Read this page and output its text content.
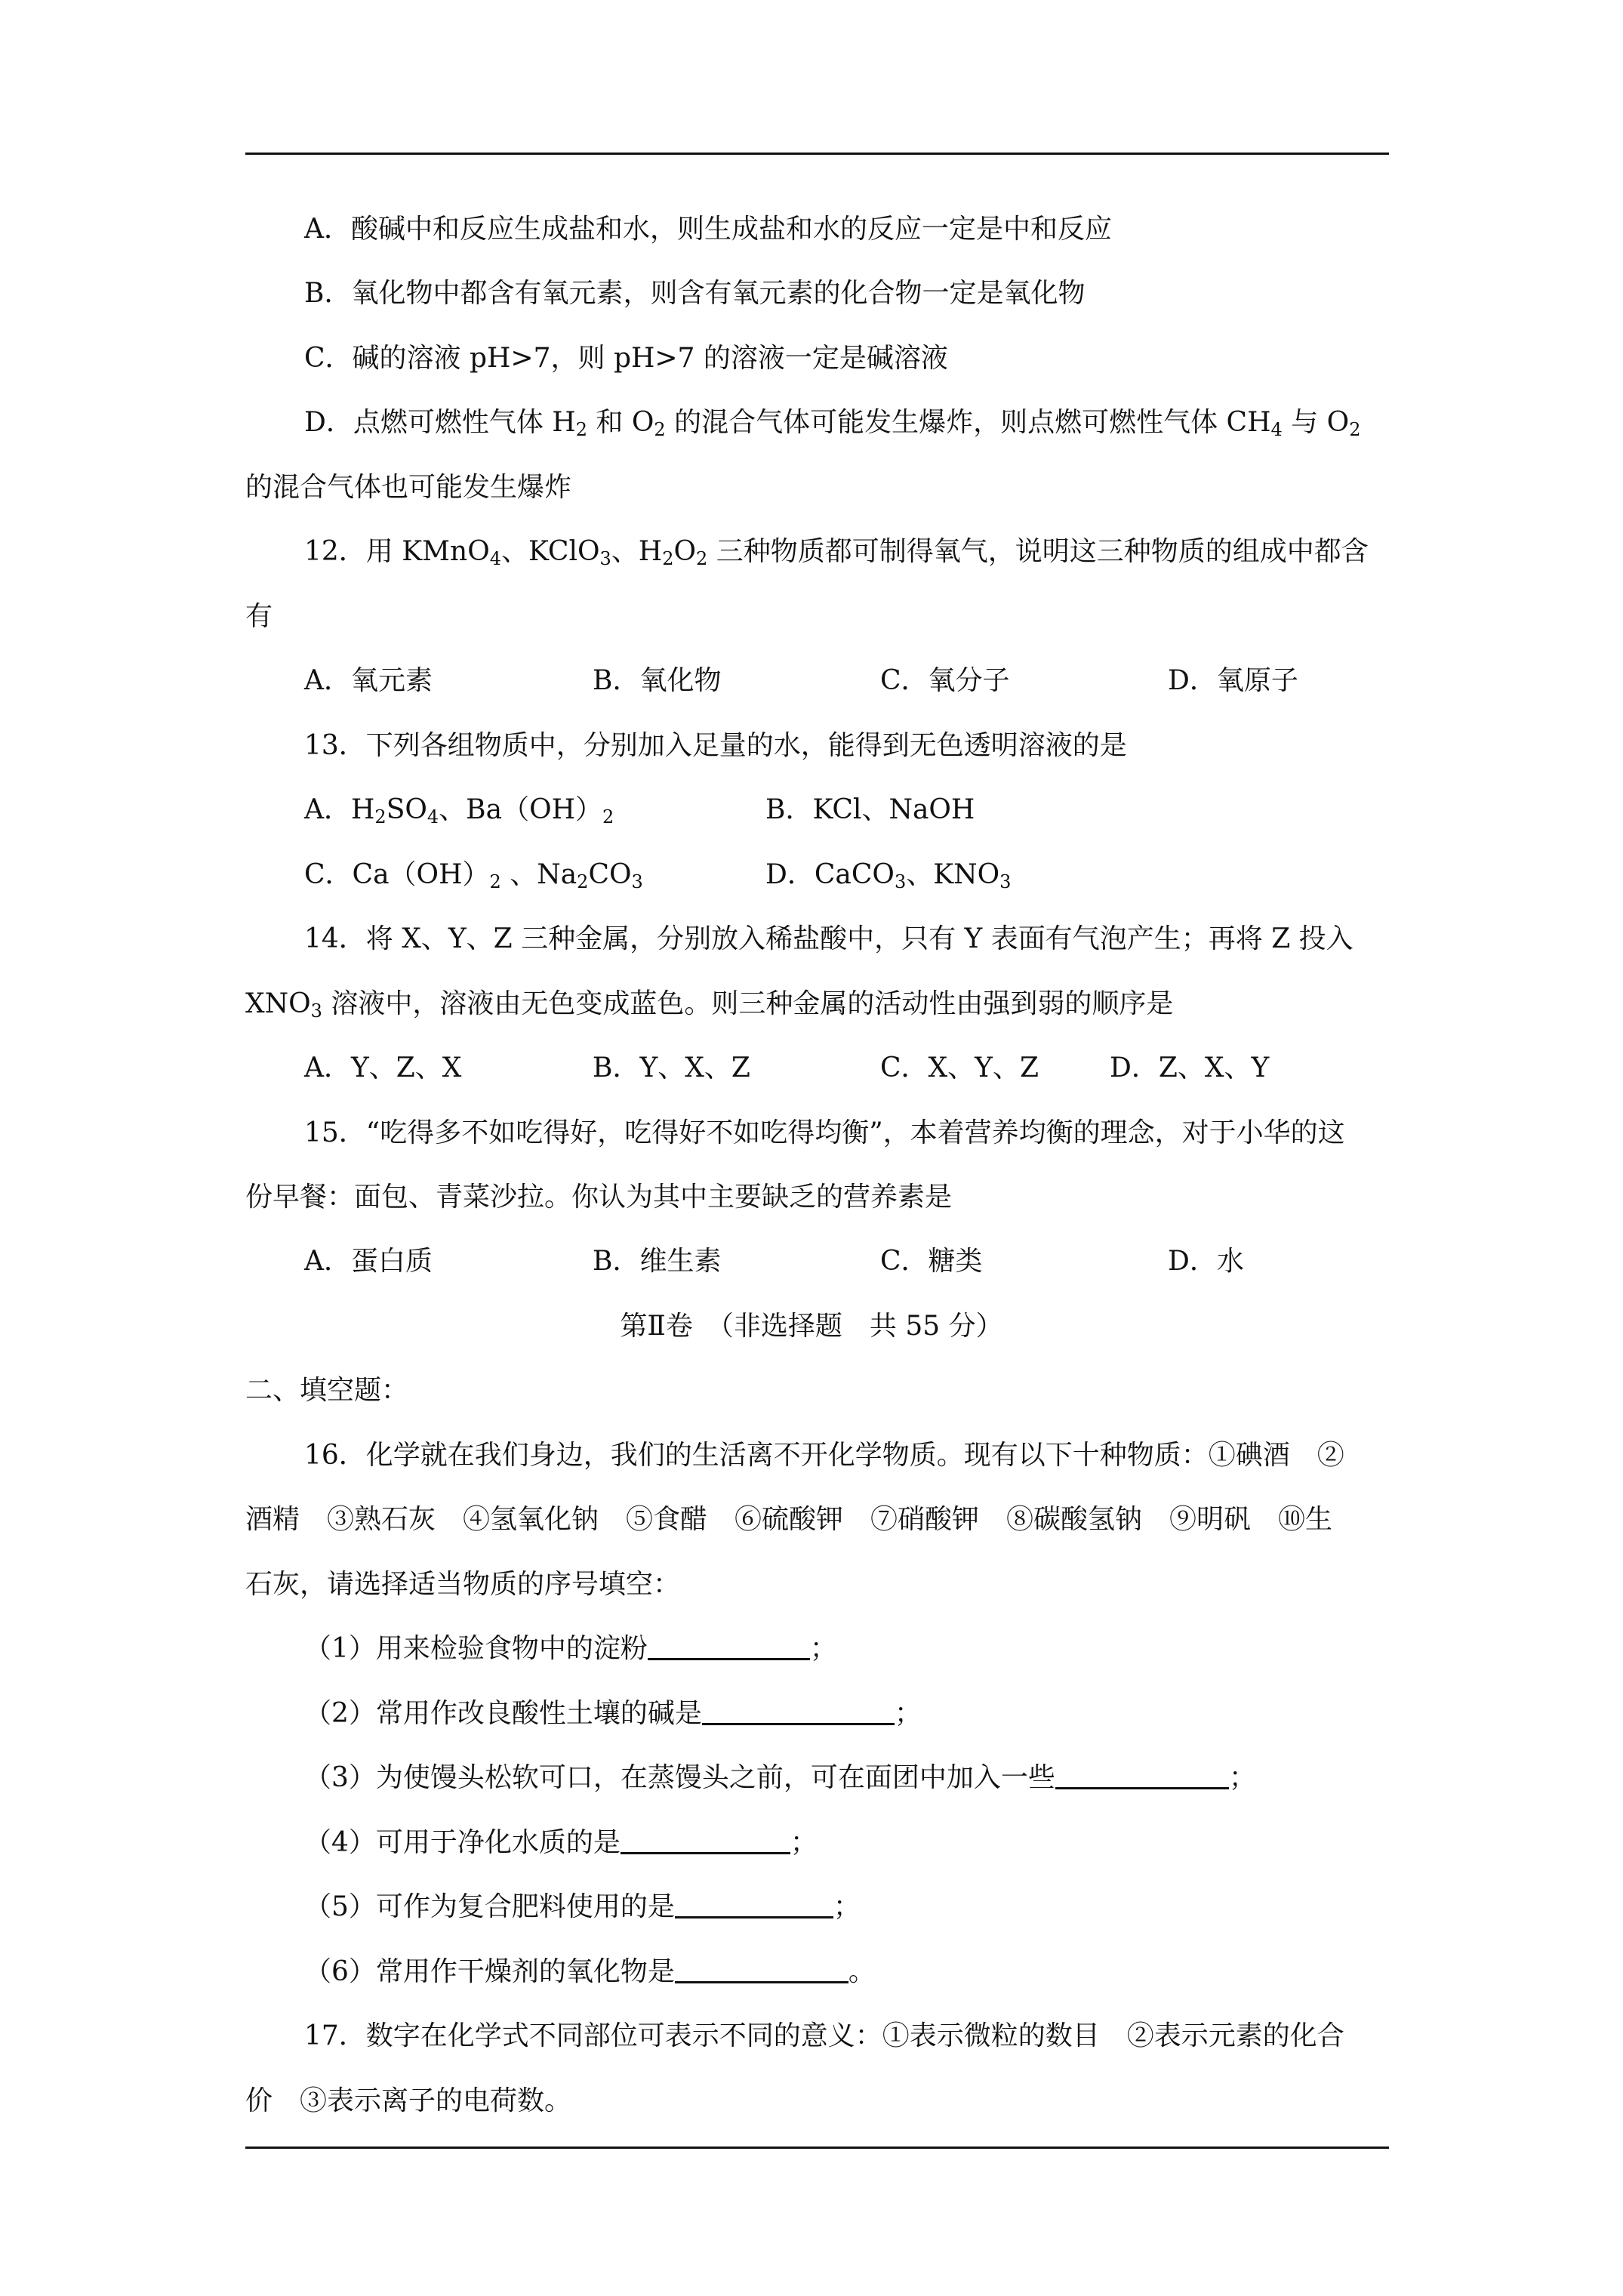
A．酸碱中和反应生成盐和水，则生成盐和水的反应一定是中和反应
B．氧化物中都含有氧元素，则含有氧元素的化合物一定是氧化物
C．碱的溶液 pH>7，则 pH>7 的溶液一定是碱溶液
D．点燃可燃性气体 $H_2$ 和 $O_2$ 的混合气体可能发生爆炸，则点燃可燃性气体 $CH_4$ 与 $O_2$
的混合气体也可能发生爆炸
12．用 KMnO$_4$、KClO$_3$、$H_2O_2$ 三种物质都可制得氧气，说明这三种物质的组成中都含
有
A．氧元素	B．氧化物	C．氧分子	D．氧原子
13．下列各组物质中，分别加入足量的水，能得到无色透明溶液的是
A．$H_2SO_4$、$Ba(OH)_2$	B．KCl、NaOH
C．$Ca(OH)_2$ 、$Na_2CO_3$	D．CaCO$_3$、$KNO_3$
14．将 X、Y、Z 三种金属，分别放入稀盐酸中，只有 Y 表面有气泡产生；再将 Z 投入
$XNO_3$ 溶液中，溶液由无色变成蓝色。则三种金属的活动性由强到弱的顺序是
A．Y、Z、X	B．Y、X、Z	C．X、Y、Z	D．Z、X、Y
15．“吃得多不如吃得好，吃得好不如吃得均衡”，本着营养均衡的理念，对于小华的这
份早餐：面包、青菜沙拉。你认为其中主要缺乏的营养素是
A．蛋白质	B．维生素	C．糖类	D．水
第Ⅱ卷　（非选择题　共 55 分）
二、填空题：
16．化学就在我们身边，我们的生活离不开化学物质。现有以下十种物质：①碘酒　②
酒精　③熟石灰　④氢氧化钠　⑤食醋　⑥硫酸钾　⑦硝酸钾　⑧碳酸氢钠　⑨明矾　⑩生
石灰，请选择适当物质的序号填空：
（1）用来检验食物中的淀粉	；
（2）常用作改良酸性土壤的碱是	；
（3）为使馒头松软可口，在蒸馒头之前，可在面团中加入一些	；
（4）可用于净化水质的是	；
（5）可作为复合肥料使用的是	；
（6）常用作干燥剂的氧化物是	。
17．数字在化学式不同部位可表示不同的意义：①表示微粒的数目　②表示元素的化合
价　③表示离子的电荷数。
